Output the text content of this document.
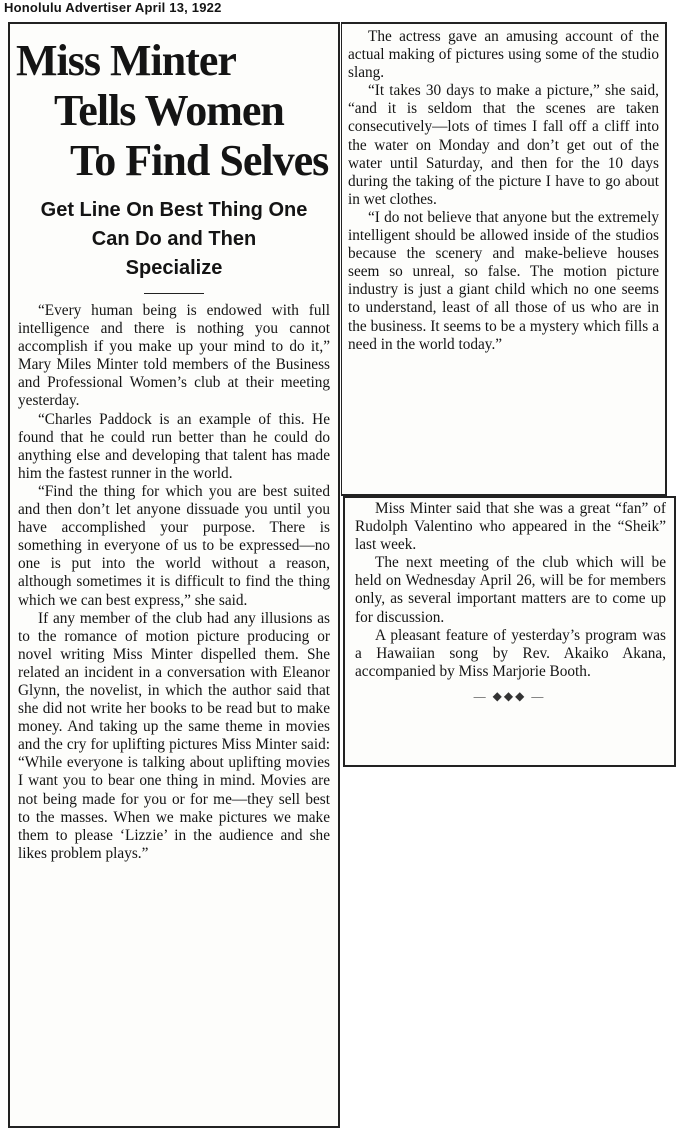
Honolulu Advertiser April 13, 1922
Miss Minter
Tells Women
To Find Selves
Get Line On Best Thing One
Can Do and Then
Specialize

“Every human being is endowed with full intelligence and there is nothing you cannot accomplish if you make up your mind to do it,” Mary Miles Minter told members of the Business and Professional Women’s club at their meeting yesterday.

“Charles Paddock is an example of this. He found that he could run better than he could do anything else and developing that talent has made him the fastest runner in the world.

“Find the thing for which you are best suited and then don’t let anyone dissuade you until you have accomplished your purpose. There is something in everyone of us to be expressed—no one is put into the world without a reason, although sometimes it is difficult to find the thing which we can best express,” she said.

If any member of the club had any illusions as to the romance of motion picture producing or novel writing Miss Minter dispelled them. She related an incident in a conversation with Eleanor Glynn, the novelist, in which the author said that she did not write her books to be read but to make money. And taking up the same theme in movies and the cry for uplifting pictures Miss Minter said: “While everyone is talking about uplifting movies I want you to bear one thing in mind. Movies are not being made for you or for me—they sell best to the masses. When we make pictures we make them to please ‘Lizzie’ in the audience and she likes problem plays.”

The actress gave an amusing account of the actual making of pictures using some of the studio slang.

“It takes 30 days to make a picture,” she said, “and it is seldom that the scenes are taken consecutively—lots of times I fall off a cliff into the water on Monday and don’t get out of the water until Saturday, and then for the 10 days during the taking of the picture I have to go about in wet clothes.

“I do not believe that anyone but the extremely intelligent should be allowed inside of the studios because the scenery and make-believe houses seem so unreal, so false. The motion picture industry is just a giant child which no one seems to understand, least of all those of us who are in the business. It seems to be a mystery which fills a need in the world today.”

Miss Minter said that she was a great “fan” of Rudolph Valentino who appeared in the “Sheik” last week.

The next meeting of the club which will be held on Wednesday April 26, will be for members only, as several important matters are to come up for discussion.

A pleasant feature of yesterday’s program was a Hawaiian song by Rev. Akaiko Akana, accompanied by Miss Marjorie Booth.

— ◆◆◆ —
